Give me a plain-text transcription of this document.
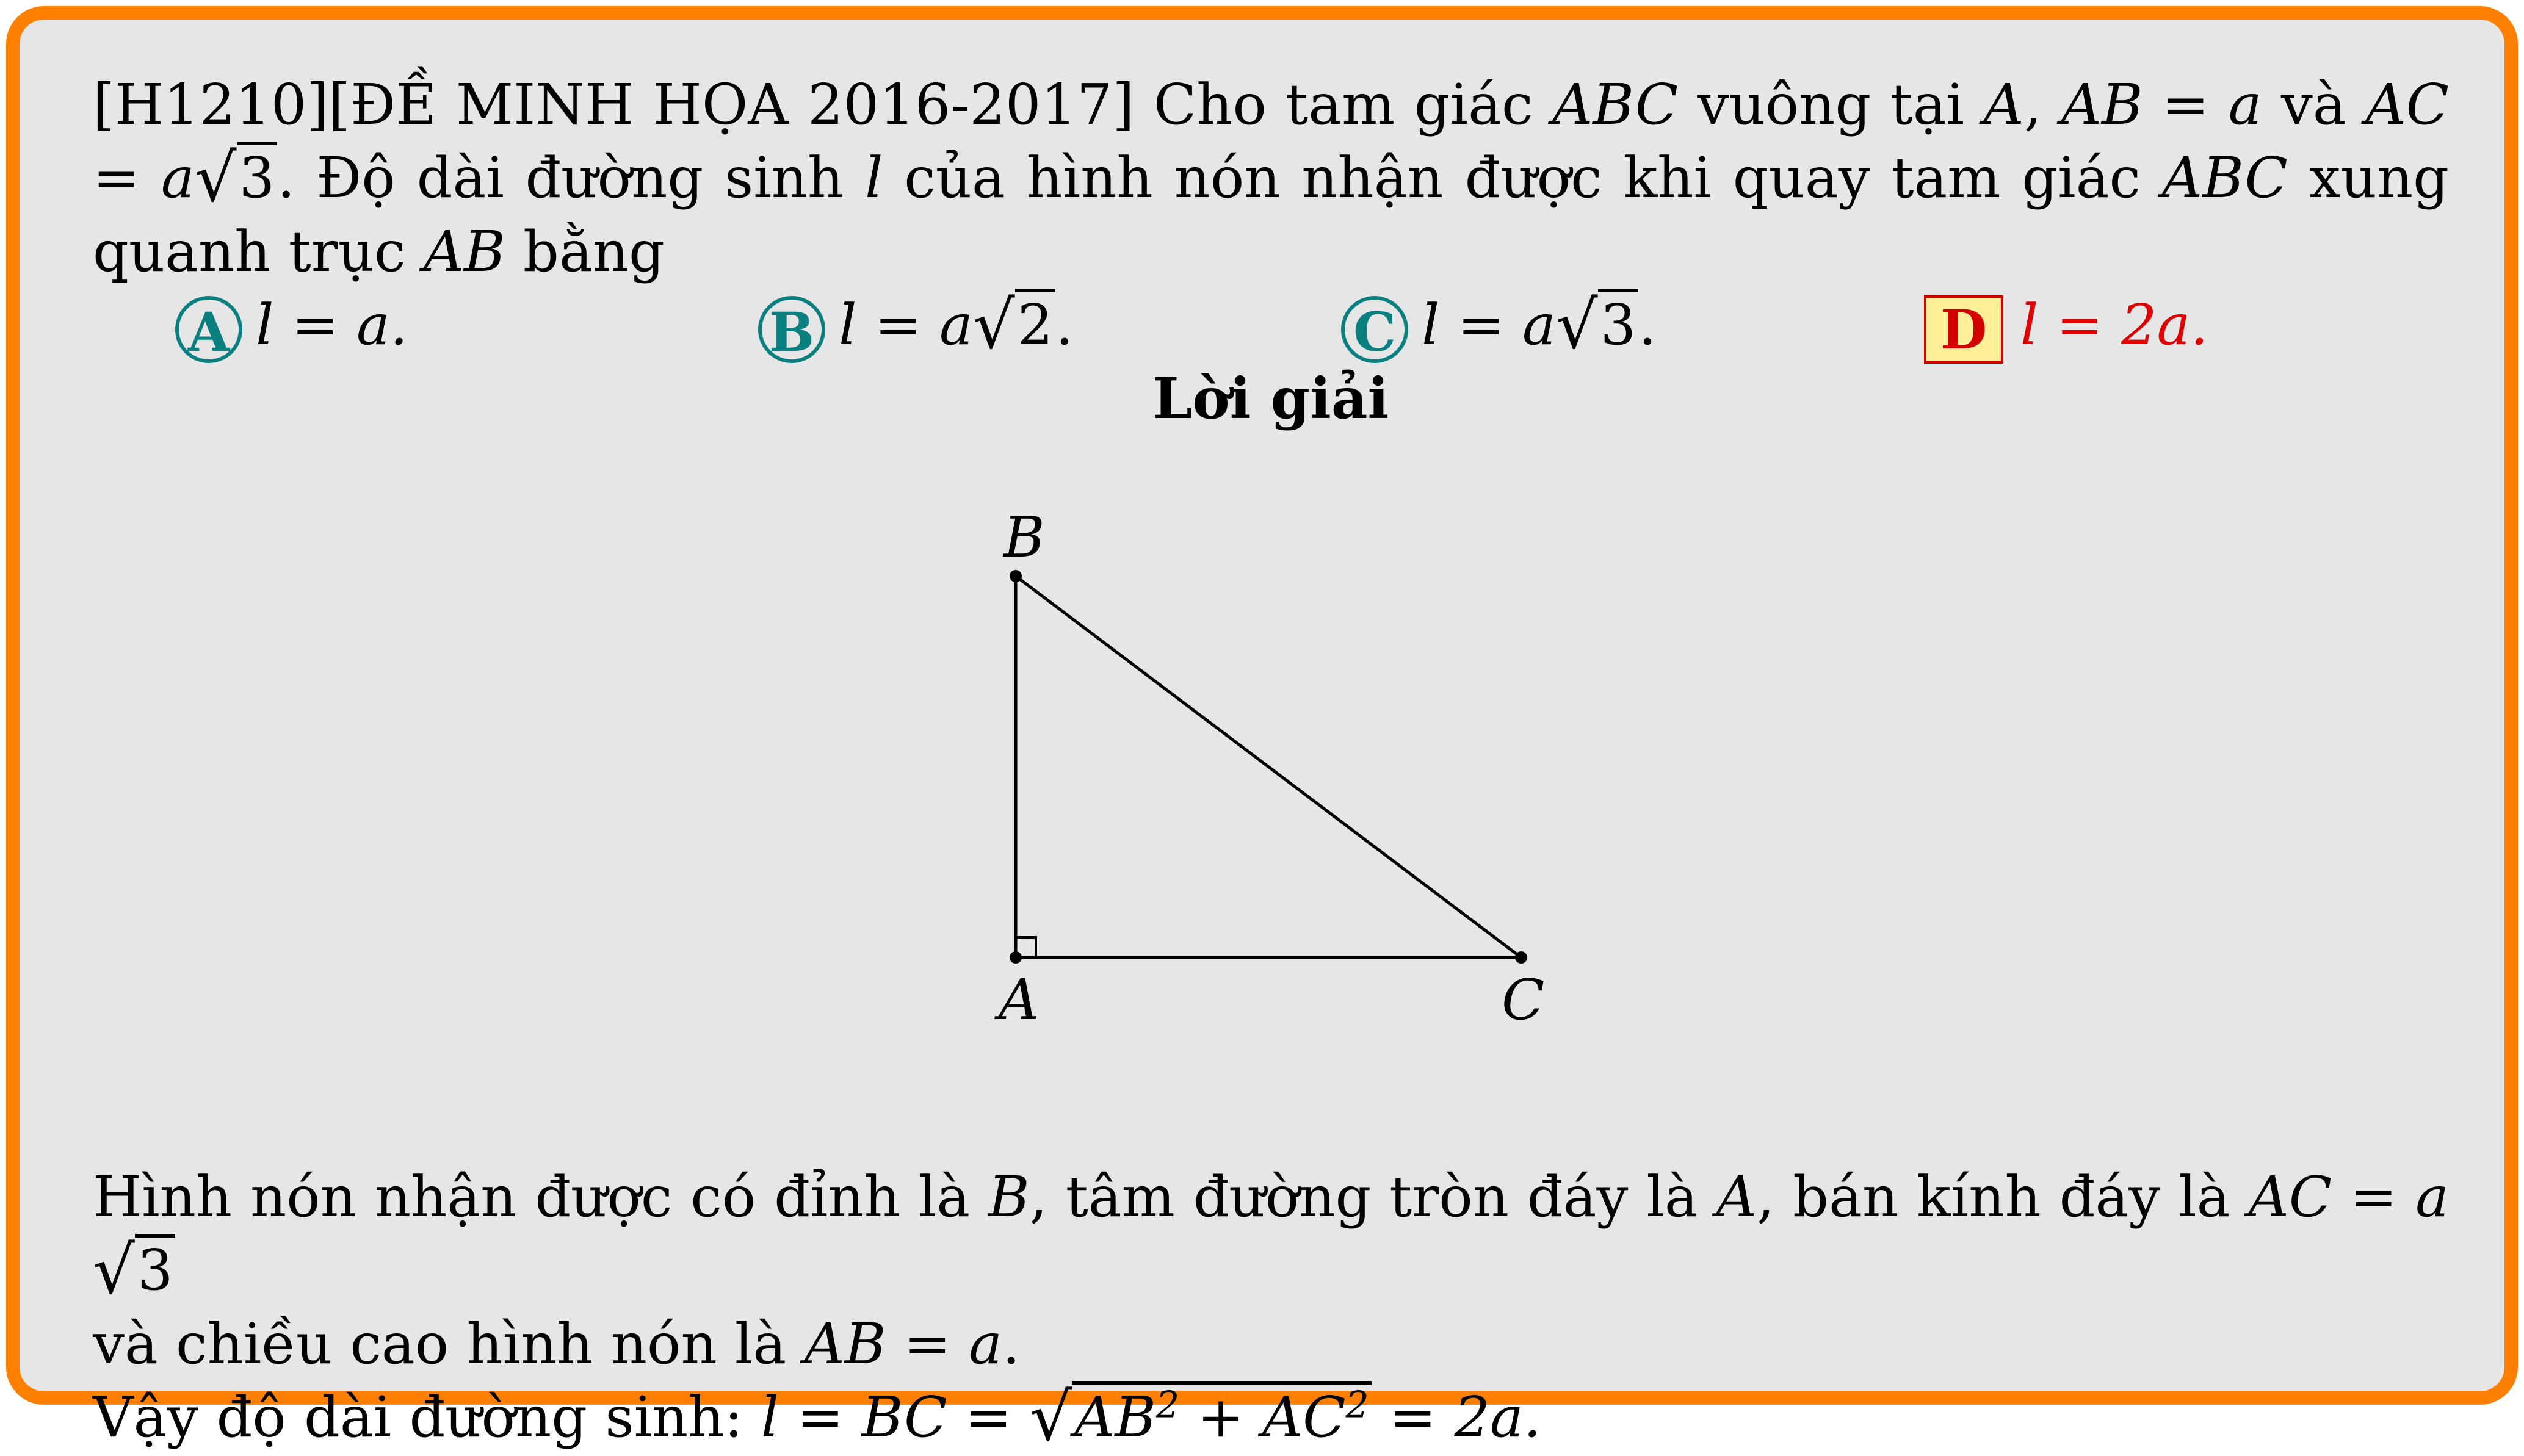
[H1210][ĐỀ MINH HỌA 2016-2017] Cho tam giác ABC vuông tại A, AB = a và AC = a√3. Độ dài đường sinh l của hình nón nhận được khi quay tam giác ABC xung quanh trục AB bằng

A l = a.	B l = a√2.	C l = a√3.	D l = 2a.
Lời giải
B
A	C

Hình nón nhận được có đỉnh là B, tâm đường tròn đáy là A, bán kính đáy là AC = a√3

và chiều cao hình nón là AB = a.

Vậy độ dài đường sinh: l = BC = $√AB^2 + AC^2 = 2a$.
